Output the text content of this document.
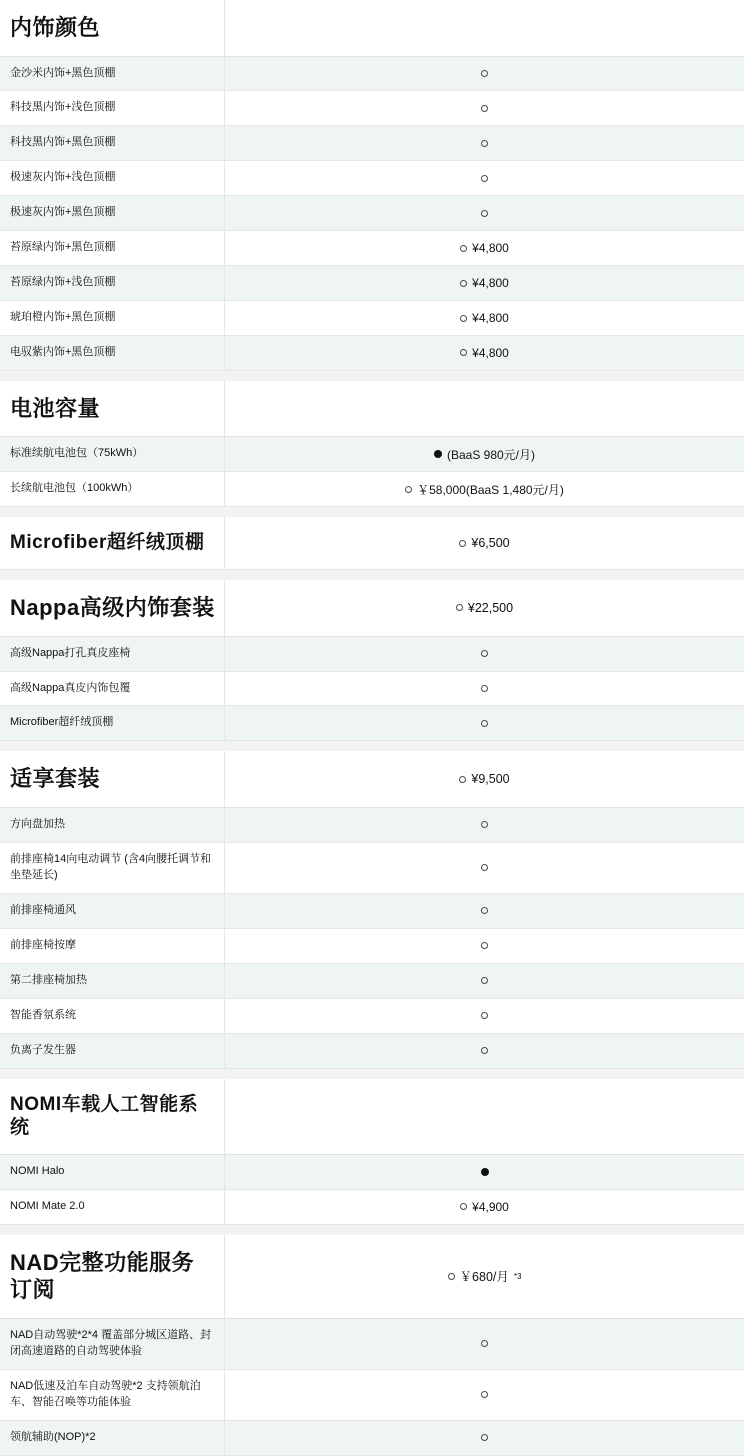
内饰颜色
金沙米内饰+黑色顶棚
科技黑内饰+浅色顶棚
科技黑内饰+黑色顶棚
极速灰内饰+浅色顶棚
极速灰内饰+黑色顶棚
苔原绿内饰+黑色顶棚	¥4,800
苔原绿内饰+浅色顶棚	¥4,800
琥珀橙内饰+黑色顶棚	¥4,800
电驭紫内饰+黑色顶棚	¥4,800
电池容量
标准续航电池包（75kWh）	(BaaS 980元/月)
长续航电池包（100kWh）	￥58,000(BaaS 1,480元/月)
Microfiber超纤绒顶棚	¥6,500
Nappa高级内饰套装	¥22,500
高级Nappa打孔真皮座椅
高级Nappa真皮内饰包覆
Microfiber超纤绒顶棚
适享套装	¥9,500
方向盘加热
前排座椅14向电动调节 (含4向腰托调节和坐垫延长)
前排座椅通风
前排座椅按摩
第二排座椅加热
智能香氛系统
负离子发生器
NOMI车载人工智能系统
NOMI Halo
NOMI Mate 2.0	¥4,900
NAD完整功能服务订阅	￥680/月 *3
NAD自动驾驶*2*4 覆盖部分城区道路、封闭高速道路的自动驾驶体验
NAD低速及泊车自动驾驶*2 支持领航泊车、智能召唤等功能体验
领航辅助(NOP)*2
